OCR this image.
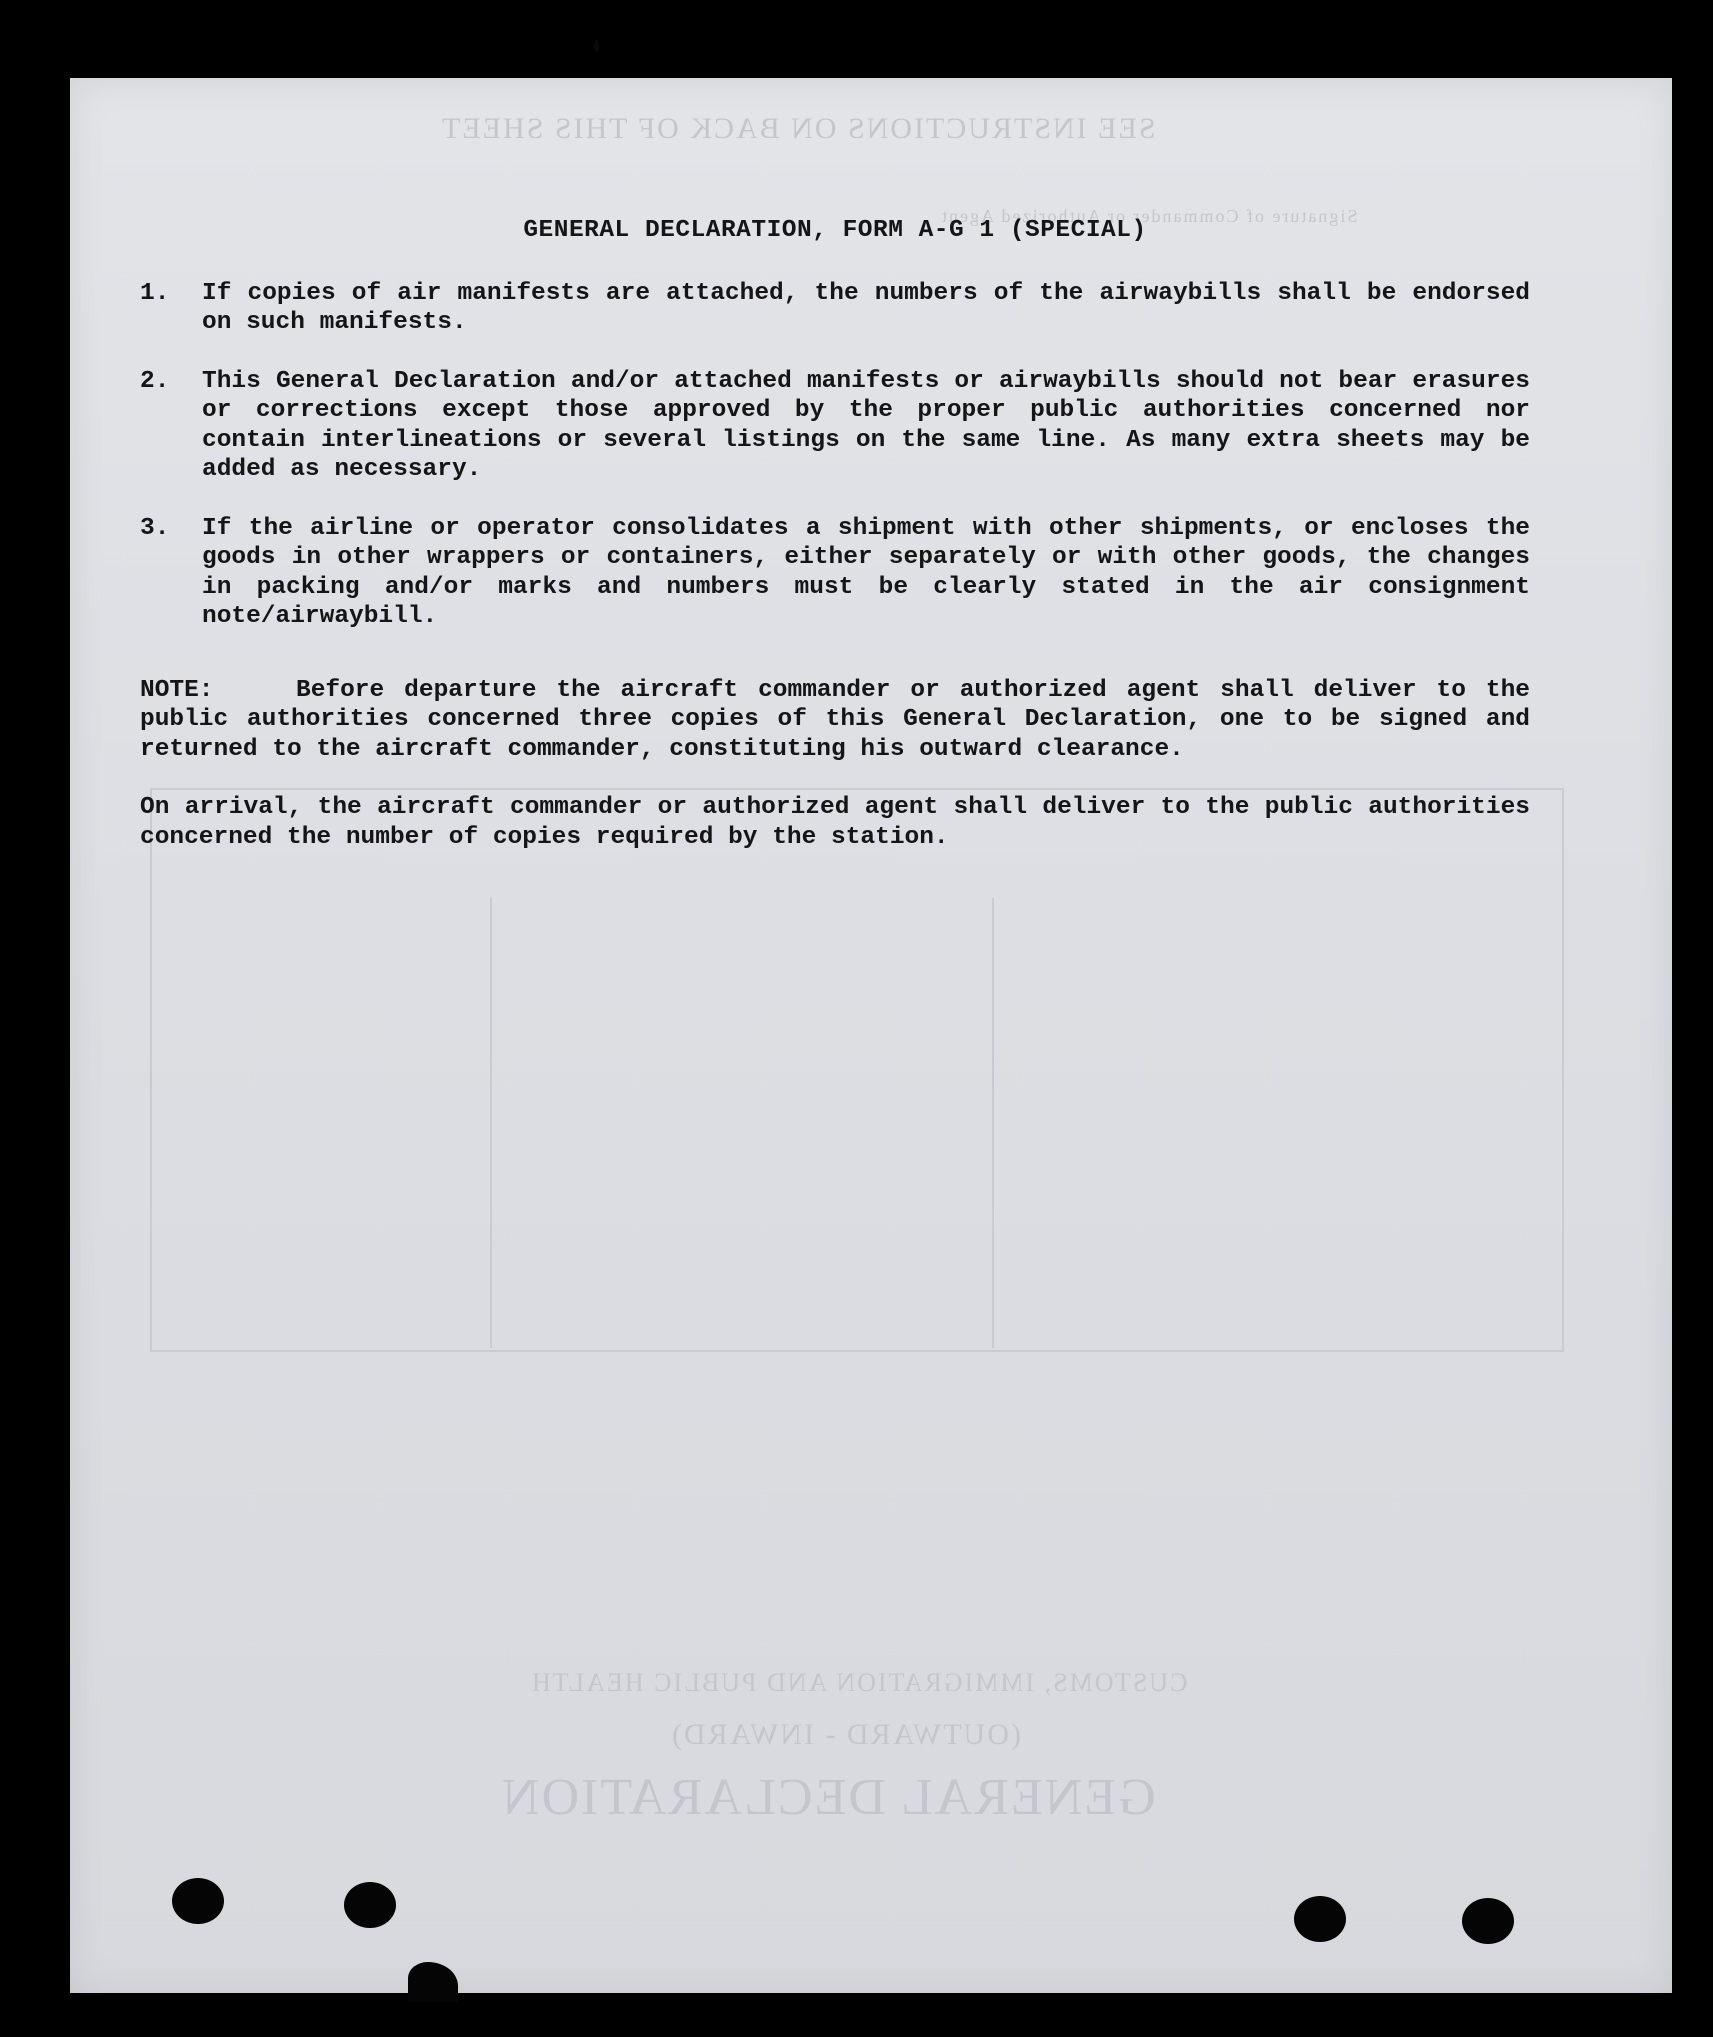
SEE INSTRUCTIONS ON BACK OF THIS SHEET
Signature of Commander or Authorized Agent
CUSTOMS, IMMIGRATION AND PUBLIC HEALTH
(OUTWARD - INWARD)
GENERAL DECLARATION
GENERAL DECLARATION, FORM A-G 1 (SPECIAL)
1.	If copies of air manifests are attached, the numbers of the airwaybills shall be endorsed on such manifests.
2.	This General Declaration and/or attached manifests or airwaybills should not bear erasures or corrections except those approved by the proper public authorities concerned nor contain interlineations or several listings on the same line. As many extra sheets may be added as necessary.
3.	If the airline or operator consolidates a shipment with other shipments, or encloses the goods in other wrappers or containers, either separately or with other goods, the changes in packing and/or marks and numbers must be clearly stated in the air consignment note/airwaybill.
NOTE:	Before departure the aircraft commander or authorized agent shall deliver to the public authorities concerned three copies of this General Declaration, one to be signed and returned to the aircraft commander, constituting his outward clearance.
On arrival, the aircraft commander or authorized agent shall deliver to the public authorities concerned the number of copies required by the station.
